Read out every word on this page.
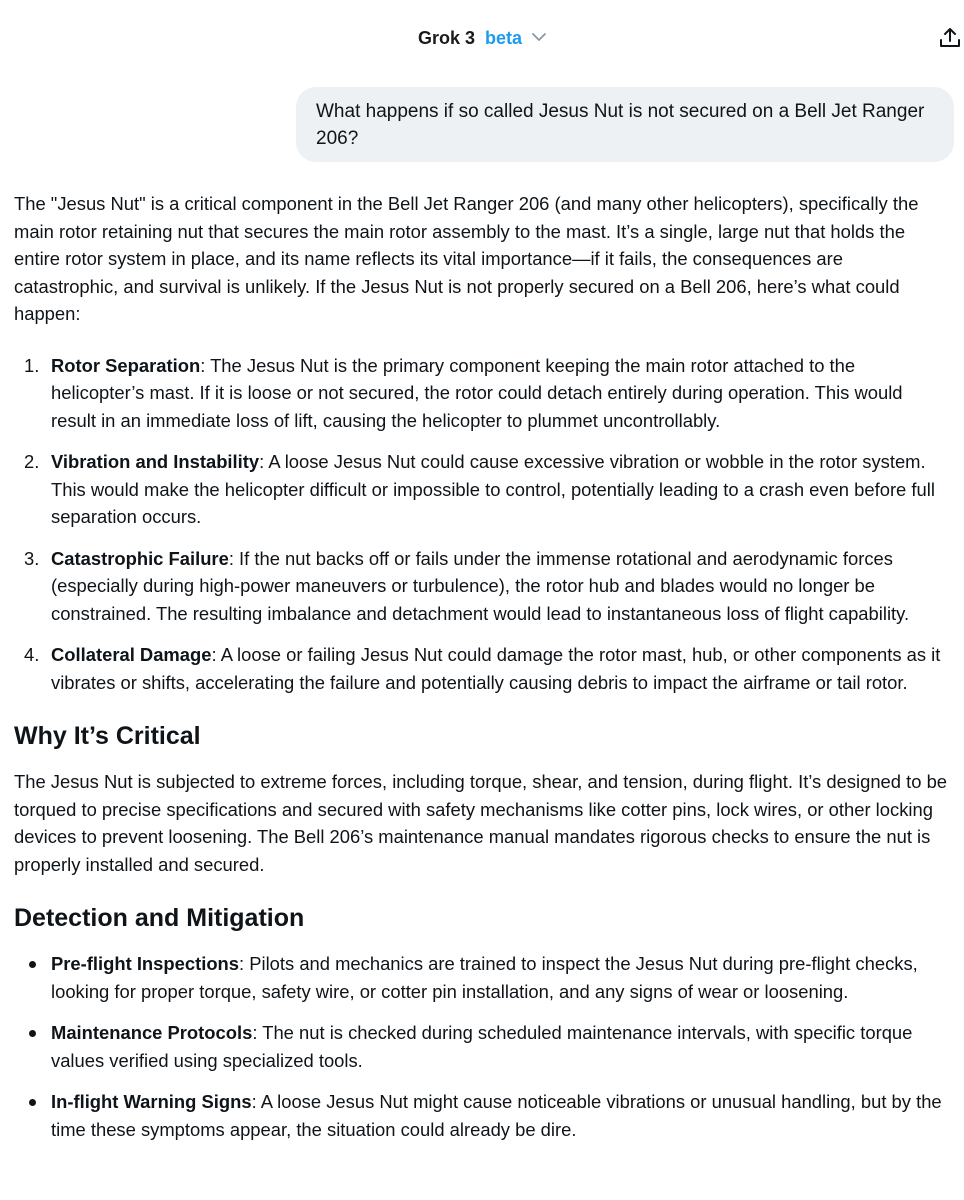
Grok 3 beta
What happens if so called Jesus Nut is not secured on a Bell Jet Ranger 206?

The "Jesus Nut" is a critical component in the Bell Jet Ranger 206 (and many other helicopters), specifically the main rotor retaining nut that secures the main rotor assembly to the mast. It’s a single, large nut that holds the entire rotor system in place, and its name reflects its vital importance—if it fails, the consequences are catastrophic, and survival is unlikely. If the Jesus Nut is not properly secured on a Bell 206, here’s what could happen:

1. Rotor Separation: The Jesus Nut is the primary component keeping the main rotor attached to the helicopter’s mast. If it is loose or not secured, the rotor could detach entirely during operation. This would result in an immediate loss of lift, causing the helicopter to plummet uncontrollably.
2. Vibration and Instability: A loose Jesus Nut could cause excessive vibration or wobble in the rotor system. This would make the helicopter difficult or impossible to control, potentially leading to a crash even before full separation occurs.
3. Catastrophic Failure: If the nut backs off or fails under the immense rotational and aerodynamic forces (especially during high-power maneuvers or turbulence), the rotor hub and blades would no longer be constrained. The resulting imbalance and detachment would lead to instantaneous loss of flight capability.
4. Collateral Damage: A loose or failing Jesus Nut could damage the rotor mast, hub, or other components as it vibrates or shifts, accelerating the failure and potentially causing debris to impact the airframe or tail rotor.
Why It’s Critical

The Jesus Nut is subjected to extreme forces, including torque, shear, and tension, during flight. It’s designed to be torqued to precise specifications and secured with safety mechanisms like cotter pins, lock wires, or other locking devices to prevent loosening. The Bell 206’s maintenance manual mandates rigorous checks to ensure the nut is properly installed and secured.

Detection and Mitigation
Pre-flight Inspections: Pilots and mechanics are trained to inspect the Jesus Nut during pre-flight checks, looking for proper torque, safety wire, or cotter pin installation, and any signs of wear or loosening.
Maintenance Protocols: The nut is checked during scheduled maintenance intervals, with specific torque values verified using specialized tools.
In-flight Warning Signs: A loose Jesus Nut might cause noticeable vibrations or unusual handling, but by the time these symptoms appear, the situation could already be dire.
